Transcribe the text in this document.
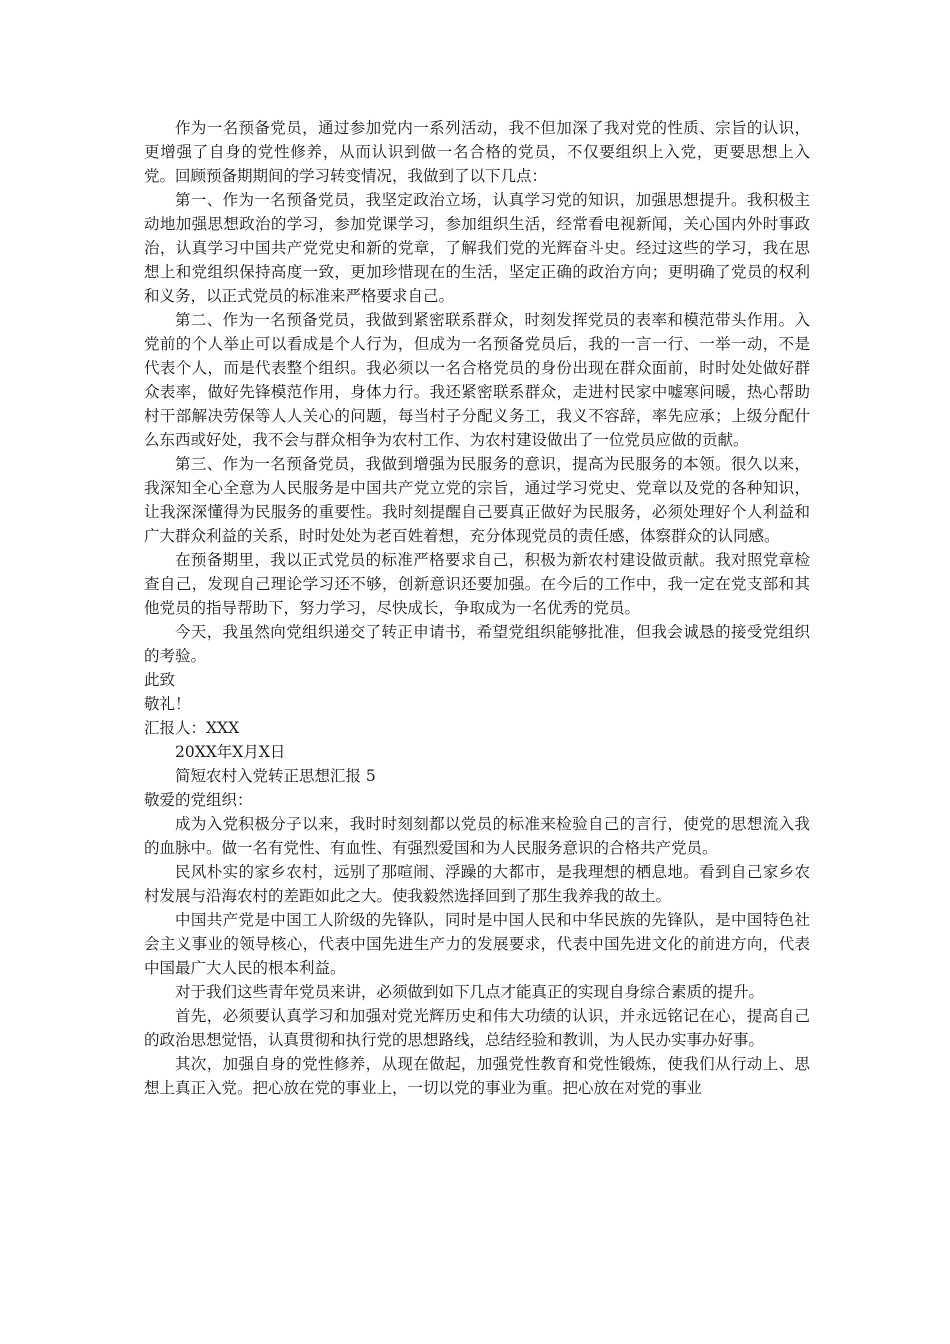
作为一名预备党员，通过参加党内一系列活动，我不但加深了我对党的性质、宗旨的认识，更增强了自身的党性修养，从而认识到做一名合格的党员，不仅要组织上入党，更要思想上入党。回顾预备期期间的学习转变情况，我做到了以下几点：

第一、作为一名预备党员，我坚定政治立场，认真学习党的知识，加强思想提升。我积极主动地加强思想政治的学习，参加党课学习，参加组织生活，经常看电视新闻，关心国内外时事政治，认真学习中国共产党党史和新的党章，了解我们党的光辉奋斗史。经过这些的学习，我在思想上和党组织保持高度一致，更加珍惜现在的生活，坚定正确的政治方向；更明确了党员的权利和义务，以正式党员的标准来严格要求自己。

第二、作为一名预备党员，我做到紧密联系群众，时刻发挥党员的表率和模范带头作用。入党前的个人举止可以看成是个人行为，但成为一名预备党员后，我的一言一行、一举一动，不是代表个人，而是代表整个组织。我必须以一名合格党员的身份出现在群众面前，时时处处做好群众表率，做好先锋模范作用，身体力行。我还紧密联系群众，走进村民家中嘘寒问暖，热心帮助村干部解决劳保等人人关心的问题，每当村子分配义务工，我义不容辞，率先应承；上级分配什么东西或好处，我不会与群众相争为农村工作、为农村建设做出了一位党员应做的贡献。

第三、作为一名预备党员，我做到增强为民服务的意识，提高为民服务的本领。很久以来，我深知全心全意为人民服务是中国共产党立党的宗旨，通过学习党史、党章以及党的各种知识，让我深深懂得为民服务的重要性。我时刻提醒自己要真正做好为民服务，必须处理好个人利益和广大群众利益的关系，时时处处为老百姓着想，充分体现党员的责任感，体察群众的认同感。

在预备期里，我以正式党员的标准严格要求自己，积极为新农村建设做贡献。我对照党章检查自己，发现自己理论学习还不够，创新意识还要加强。在今后的工作中，我一定在党支部和其他党员的指导帮助下，努力学习，尽快成长，争取成为一名优秀的党员。

今天，我虽然向党组织递交了转正申请书，希望党组织能够批准，但我会诚恳的接受党组织的考验。

此致

敬礼！

汇报人：XXX

20XX年X月X日

简短农村入党转正思想汇报 5

敬爱的党组织：

成为入党积极分子以来，我时时刻刻都以党员的标准来检验自己的言行，使党的思想流入我的血脉中。做一名有党性、有血性、有强烈爱国和为人民服务意识的合格共产党员。

民风朴实的家乡农村，远别了那喧闹、浮躁的大都市，是我理想的栖息地。看到自己家乡农村发展与沿海农村的差距如此之大。使我毅然选择回到了那生我养我的故土。

中国共产党是中国工人阶级的先锋队，同时是中国人民和中华民族的先锋队，是中国特色社会主义事业的领导核心，代表中国先进生产力的发展要求，代表中国先进文化的前进方向，代表中国最广大人民的根本利益。

对于我们这些青年党员来讲，必须做到如下几点才能真正的实现自身综合素质的提升。

首先，必须要认真学习和加强对党光辉历史和伟大功绩的认识，并永远铭记在心，提高自己的政治思想觉悟，认真贯彻和执行党的思想路线，总结经验和教训，为人民办实事办好事。

其次，加强自身的党性修养，从现在做起，加强党性教育和党性锻炼，使我们从行动上、思想上真正入党。把心放在党的事业上，一切以党的事业为重。把心放在对党的事业
